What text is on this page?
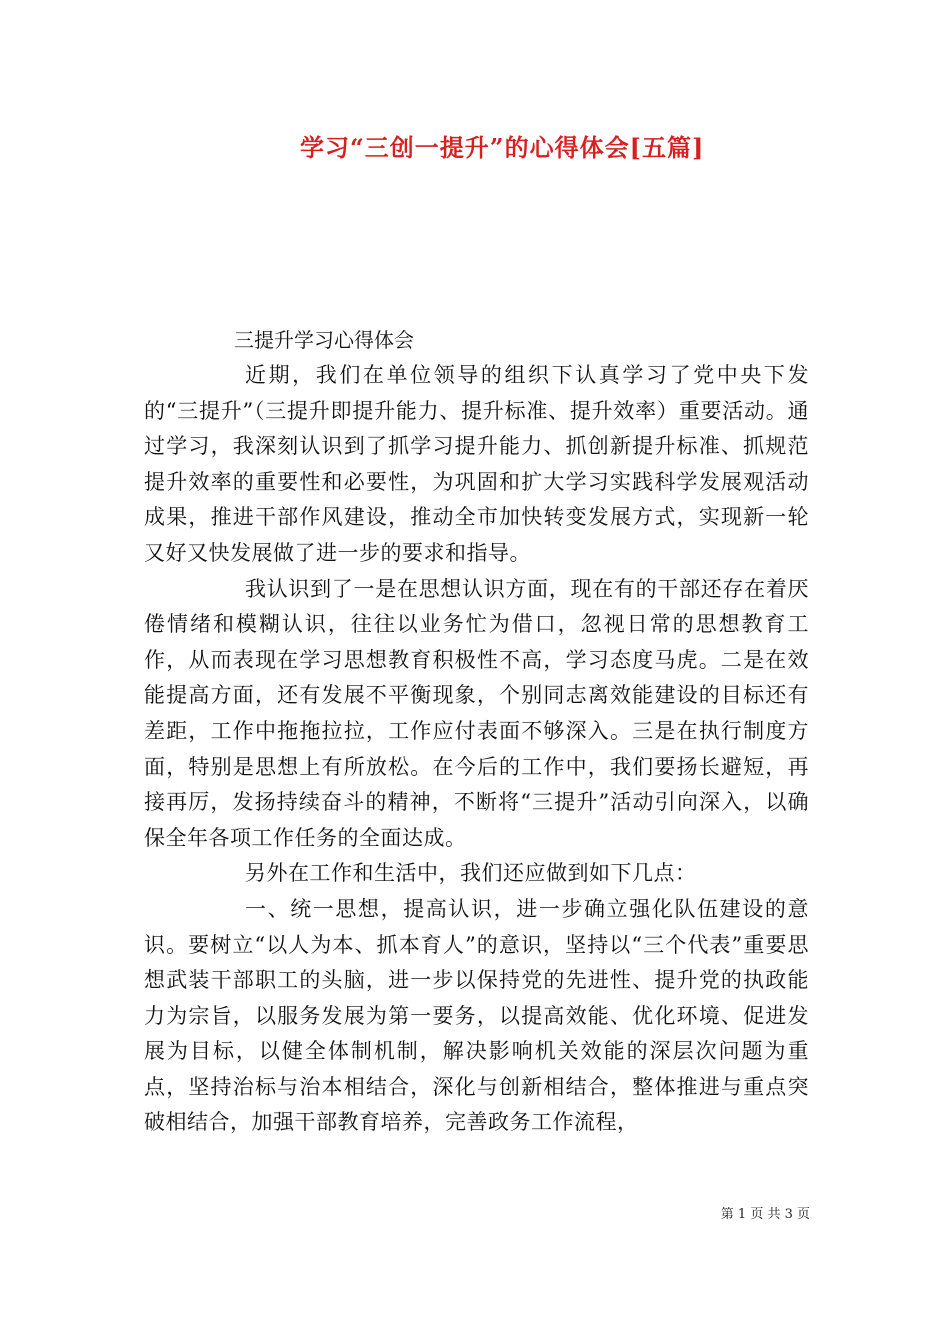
学习“三创一提升”的心得体会[五篇]

三提升学习心得体会

近期，我们在单位领导的组织下认真学习了党中央下发的“三提升”（三提升即提升能力、提升标准、提升效率）重要活动。通过学习，我深刻认识到了抓学习提升能力、抓创新提升标准、抓规范提升效率的重要性和必要性，为巩固和扩大学习实践科学发展观活动成果，推进干部作风建设，推动全市加快转变发展方式，实现新一轮又好又快发展做了进一步的要求和指导。

我认识到了一是在思想认识方面，现在有的干部还存在着厌倦情绪和模糊认识，往往以业务忙为借口，忽视日常的思想教育工作，从而表现在学习思想教育积极性不高，学习态度马虎。二是在效能提高方面，还有发展不平衡现象，个别同志离效能建设的目标还有差距，工作中拖拖拉拉，工作应付表面不够深入。三是在执行制度方面，特别是思想上有所放松。在今后的工作中，我们要扬长避短，再接再厉，发扬持续奋斗的精神，不断将“三提升”活动引向深入，以确保全年各项工作任务的全面达成。

另外在工作和生活中，我们还应做到如下几点：

一、统一思想，提高认识，进一步确立强化队伍建设的意识。要树立“以人为本、抓本育人”的意识，坚持以“三个代表”重要思想武装干部职工的头脑，进一步以保持党的先进性、提升党的执政能力为宗旨，以服务发展为第一要务，以提高效能、优化环境、促进发展为目标，以健全体制机制，解决影响机关效能的深层次问题为重点，坚持治标与治本相结合，深化与创新相结合，整体推进与重点突破相结合，加强干部教育培养，完善政务工作流程，

第 1 页 共 3 页
